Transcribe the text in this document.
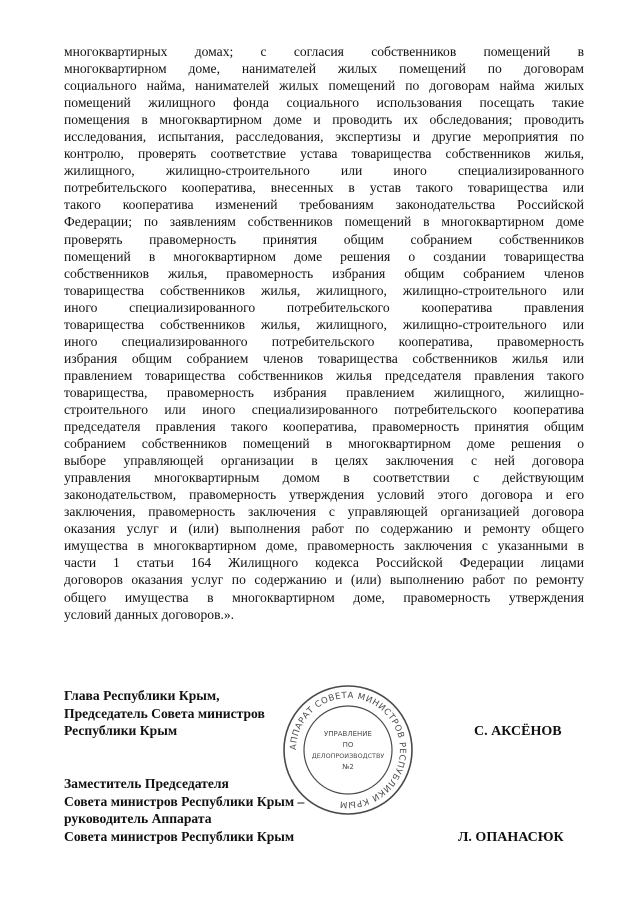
многоквартирных домах; с согласия собственников помещений в
многоквартирном доме, нанимателей жилых помещений по договорам
социального найма, нанимателей жилых помещений по договорам найма жилых
помещений жилищного фонда социального использования посещать такие
помещения в многоквартирном доме и проводить их обследования; проводить
исследования, испытания, расследования, экспертизы и другие мероприятия по
контролю, проверять соответствие устава товарищества собственников жилья,
жилищного, жилищно-строительного или иного специализированного
потребительского кооператива, внесенных в устав такого товарищества или
такого кооператива изменений требованиям законодательства Российской
Федерации; по заявлениям собственников помещений в многоквартирном доме
проверять правомерность принятия общим собранием собственников
помещений в многоквартирном доме решения о создании товарищества
собственников жилья, правомерность избрания общим собранием членов
товарищества собственников жилья, жилищного, жилищно-строительного или
иного специализированного потребительского кооператива правления
товарищества собственников жилья, жилищного, жилищно-строительного или
иного специализированного потребительского кооператива, правомерность
избрания общим собранием членов товарищества собственников жилья или
правлением товарищества собственников жилья председателя правления такого
товарищества, правомерность избрания правлением жилищного, жилищно-
строительного или иного специализированного потребительского кооператива
председателя правления такого кооператива, правомерность принятия общим
собранием собственников помещений в многоквартирном доме решения о
выборе управляющей организации в целях заключения с ней договора
управления многоквартирным домом в соответствии с действующим
законодательством, правомерность утверждения условий этого договора и его
заключения, правомерность заключения с управляющей организацией договора
оказания услуг и (или) выполнения работ по содержанию и ремонту общего
имущества в многоквартирном доме, правомерность заключения с указанными в
части 1 статьи 164 Жилищного кодекса Российской Федерации лицами
договоров оказания услуг по содержанию и (или) выполнению работ по ремонту
общего имущества в многоквартирном доме, правомерность утверждения
условий данных договоров.».
Глава Республики Крым,
Председатель Совета министров
Республики Крым	С. АКСЁНОВ
Заместитель Председателя
Совета министров Республики Крым –
руководитель Аппарата
Совета министров Республики Крым	Л. ОПАНАСЮК
АППАРАТ СОВЕТА МИНИСТРОВ РЕСПУБЛИКИ КРЫМ
УПРАВЛЕНИЕ
ПО
ДЕЛОПРОИЗВОДСТВУ
№2
